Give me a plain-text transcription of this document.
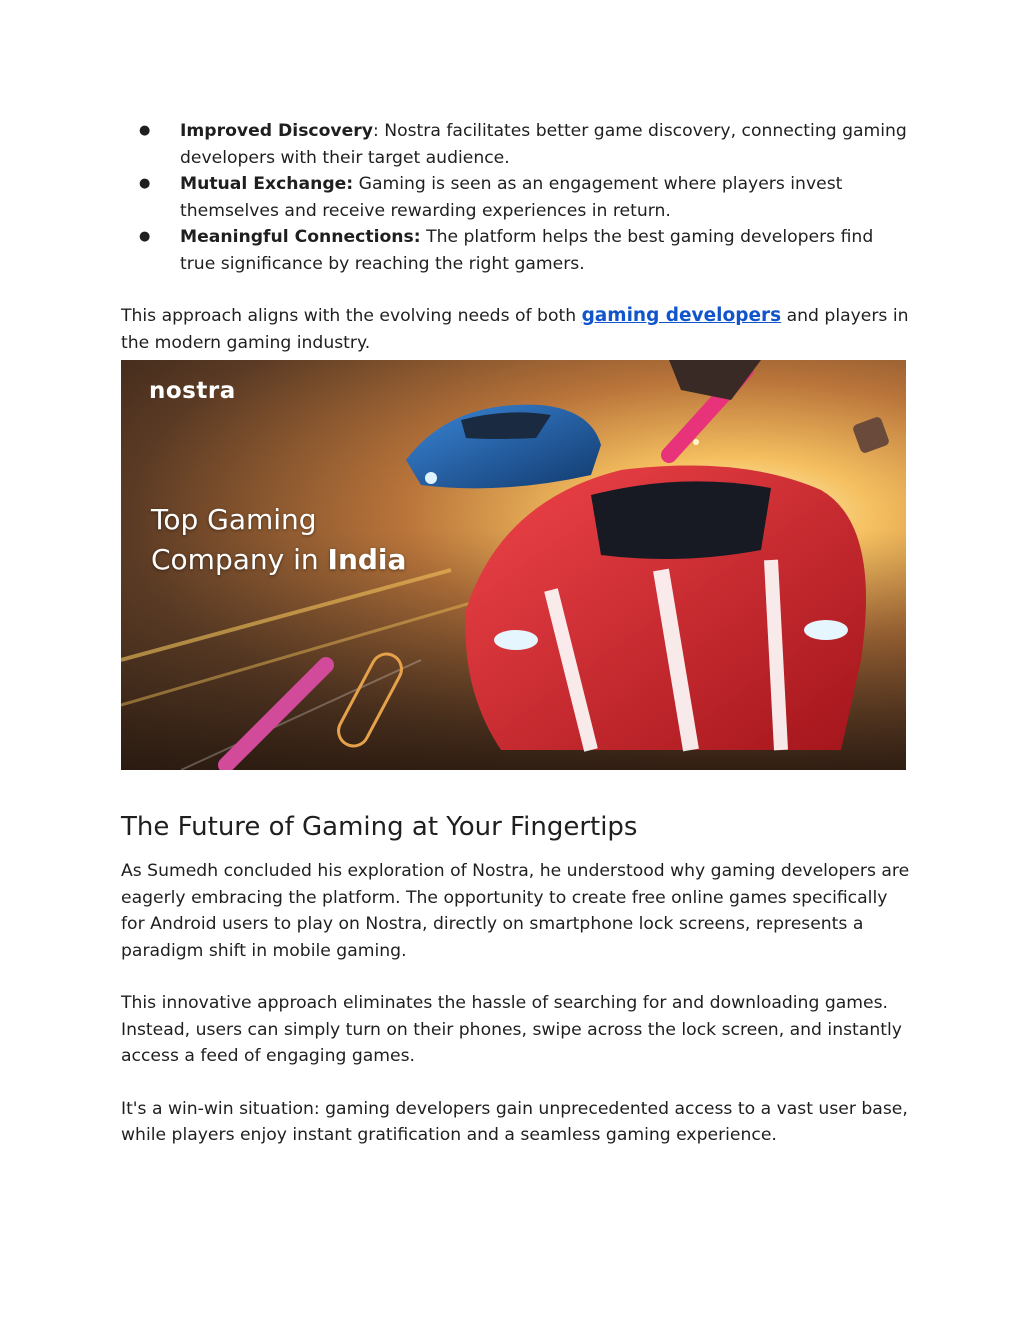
● Improved Discovery: Nostra facilitates better game discovery, connecting gaming developers with their target audience.
● Mutual Exchange: Gaming is seen as an engagement where players invest themselves and receive rewarding experiences in return.
● Meaningful Connections: The platform helps the best gaming developers find true significance by reaching the right gamers.

This approach aligns with the evolving needs of both gaming developers and players in the modern gaming industry.

nostra
Top Gaming
Company in India
The Future of Gaming at Your Fingertips

As Sumedh concluded his exploration of Nostra, he understood why gaming developers are eagerly embracing the platform. The opportunity to create free online games specifically for Android users to play on Nostra, directly on smartphone lock screens, represents a paradigm shift in mobile gaming.

This innovative approach eliminates the hassle of searching for and downloading games. Instead, users can simply turn on their phones, swipe across the lock screen, and instantly access a feed of engaging games.

It's a win-win situation: gaming developers gain unprecedented access to a vast user base, while players enjoy instant gratification and a seamless gaming experience.
